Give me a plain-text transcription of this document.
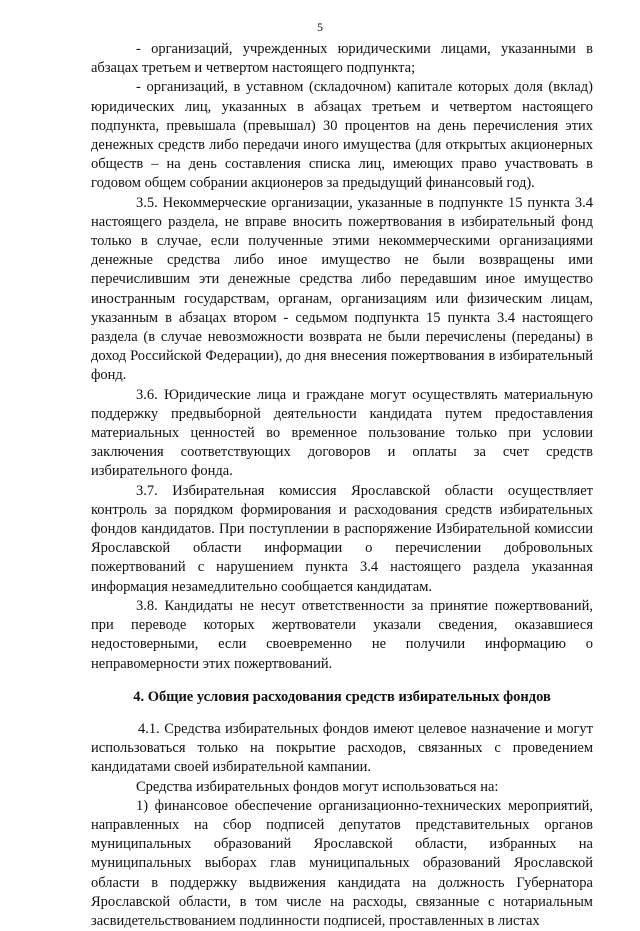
5

- организаций, учрежденных юридическими лицами, указанными в абзацах третьем и четвертом настоящего подпункта;

- организаций, в уставном (складочном) капитале которых доля (вклад) юридических лиц, указанных в абзацах третьем и четвертом настоящего подпункта, превышала (превышал) 30 процентов на день перечисления этих денежных средств либо передачи иного имущества (для открытых акционерных обществ – на день составления списка лиц, имеющих право участвовать в годовом общем собрании акционеров за предыдущий финансовый год).

3.5. Некоммерческие организации, указанные в подпункте 15 пункта 3.4 настоящего раздела, не вправе вносить пожертвования в избирательный фонд только в случае, если полученные этими некоммерческими организациями денежные средства либо иное имущество не были возвращены ими перечислившим эти денежные средства либо передавшим иное имущество иностранным государствам, органам, организациям или физическим лицам, указанным в абзацах втором - седьмом подпункта 15 пункта 3.4 настоящего раздела (в случае невозможности возврата не были перечислены (переданы) в доход Российской Федерации), до дня внесения пожертвования в избирательный фонд.

3.6. Юридические лица и граждане могут осуществлять материальную поддержку предвыборной деятельности кандидата путем предоставления материальных ценностей во временное пользование только при условии заключения соответствующих договоров и оплаты за счет средств избирательного фонда.

3.7. Избирательная комиссия Ярославской области осуществляет контроль за порядком формирования и расходования средств избирательных фондов кандидатов. При поступлении в распоряжение Избирательной комиссии Ярославской области информации о перечислении добровольных пожертвований с нарушением пункта 3.4 настоящего раздела указанная информация незамедлительно сообщается кандидатам.

3.8. Кандидаты не несут ответственности за принятие пожертвований, при переводе которых жертвователи указали сведения, оказавшиеся недостоверными, если своевременно не получили информацию о неправомерности этих пожертвований.

4. Общие условия расходования средств избирательных фондов

4.1. Средства избирательных фондов имеют целевое назначение и могут использоваться только на покрытие расходов, связанных с проведением кандидатами своей избирательной кампании.

Средства избирательных фондов могут использоваться на:

1) финансовое обеспечение организационно-технических мероприятий, направленных на сбор подписей депутатов представительных органов муниципальных образований Ярославской области, избранных на муниципальных выборах глав муниципальных образований Ярославской области в поддержку выдвижения кандидата на должность Губернатора Ярославской области, в том числе на расходы, связанные с нотариальным засвидетельствованием подлинности подписей, проставленных в листах
